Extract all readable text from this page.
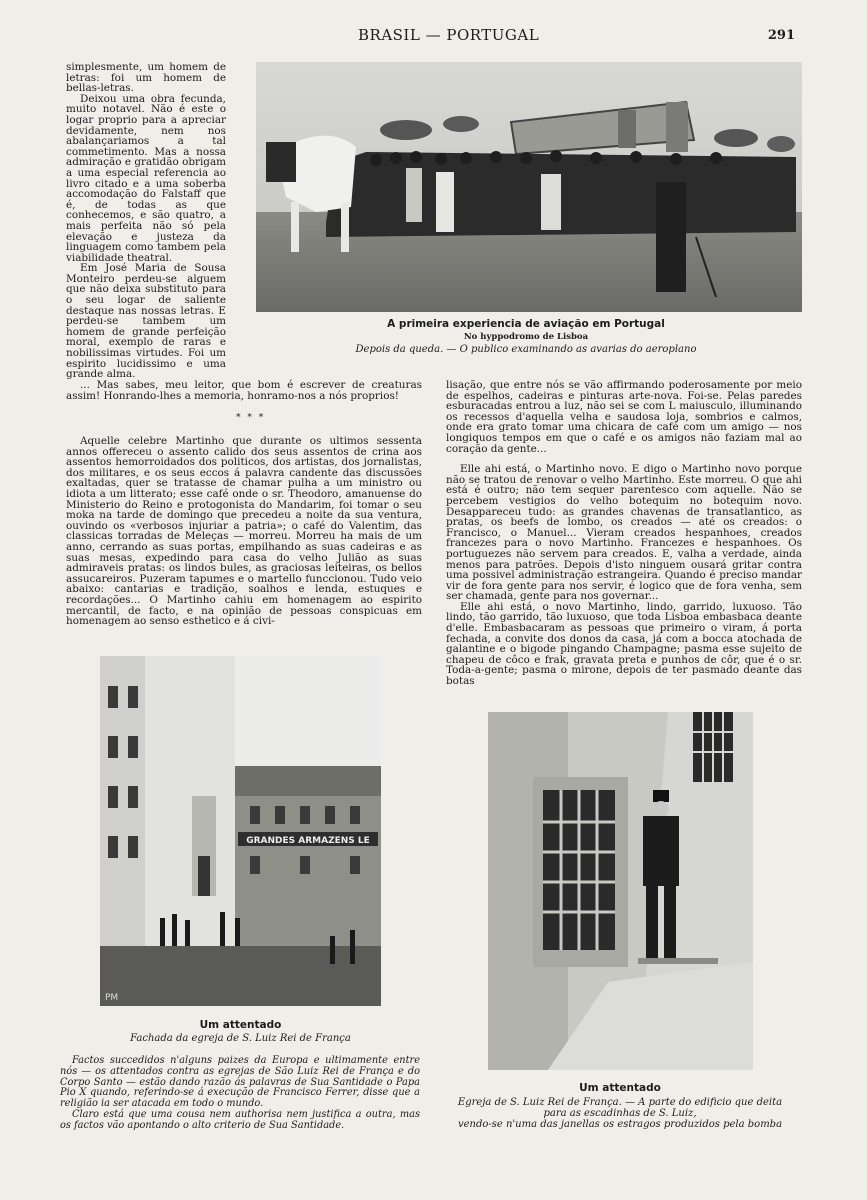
BRASIL — PORTUGAL	291

simplesmente, um homem de letras: foi um homem de bellas-letras.

Deixou uma obra fecunda, muito notavel. Não é este o logar proprio para a apreciar devidamente, nem nos abalançariamos a tal commetimento. Mas a nossa admiração e gratidão obrigam a uma especial referencia ao livro citado e a uma soberba accomodação do Falstaff que é, de todas as que conhecemos, e são quatro, a mais perfeita não só pela elevação e justeza da linguagem como tambem pela viabilidade theatral.

Em José Maria de Sousa Monteiro perdeu-se alguem que não deixa substituto para o seu logar de saliente destaque nas nossas letras. E perdeu-se tambem um homem de grande perfeição moral, exemplo de raras e nobilissimas virtudes. Foi um espirito lucidissimo e uma grande alma.

... Mas sabes, meu leitor, que bom é escrever de creaturas assim! Honrando-lhes a memoria, honramo-nos a nós proprios!
* * *
Aquelle celebre Martinho que durante os ultimos sessenta annos offereceu o assento calido dos seus assentos de crina aos assentos hemorroidados dos politicos, dos artistas, dos jornalistas, dos militares, e os seus eccos á palavra candente das discussões exaltadas, quer se tratasse de chamar pulha a um ministro ou idiota a um litterato; esse café onde o sr. Theodoro, amanuense do Ministerio do Reino e protogonista do Mandarim, foi tomar o seu moka na tarde de domingo que precedeu a noite da sua ventura, ouvindo os «verbosos injuriar a patria»; o café do Valentim, das classicas torradas de Meleças — morreu. Morreu ha mais de um anno, cerrando as suas portas, empilhando as suas cadeiras e as suas mesas, expedindo para casa do velho Julião as suas admiraveis pratas: os lindos bules, as graciosas leiteiras, os bellos assucareiros. Puzeram tapumes e o martello funccionou. Tudo veio abaixo: cantarias e tradição, soalhos e lenda, estuques e recordações... O Martinho cahiu em homenagem ao espirito mercantil, de facto, e na opinião de pessoas conspicuas em homenagem ao senso esthetico e á civi-

lisação, que entre nós se vão affirmando poderosamente por meio de espelhos, cadeiras e pinturas arte-nova. Foi-se. Pelas paredes esburacadas entrou a luz, não sei se com L maiusculo, illuminando os recessos d'aquella velha e saudosa loja, sombrios e calmos, onde era grato tomar uma chicara de café com um amigo — nos longiquos tempos em que o café e os amigos não faziam mal ao coração da gente...

Elle ahi está, o Martinho novo. E digo o Martinho novo porque não se tratou de renovar o velho Martinho. Este morreu. O que ahi está é outro; não tem sequer parentesco com aquelle. Não se percebem vestigios do velho botequim no botequim novo. Desappareceu tudo: as grandes chavenas de transatlantico, as pratas, os beefs de lombo, os creados — até os creados: o Francisco, o Manuel... Vieram creados hespanhoes, creados francezes para o novo Martinho. Francezes e hespanhoes. Os portuguezes não servem para creados. E, valha a verdade, ainda menos para patrões. Depois d'isto ninguem ousará gritar contra uma possivel administração estrangeira. Quando é preciso mandar vir de fora gente para nos servir, é logico que de fora venha, sem ser chamada, gente para nos governar...

Elle ahi está, o novo Martinho, lindo, garrido, luxuoso. Tão lindo, tão garrido, tão luxuoso, que toda Lisboa embasbaca deante d'elle. Embasbacaram as pessoas que primeiro o viram, á porta fechada, a convite dos donos da casa, já com a bocca atochada de galantine e o bigode pingando Champagne; pasma esse sujeito de chapeu de côco e frak, gravata preta e punhos de côr, que é o sr. Toda-a-gente; pasma o mirone, depois de ter pasmado deante das botas

A primeira experiencia de aviação em Portugal
No hyppodromo de Lisboa
Depois da queda. — O publico examinando as avarias do aeroplano
GRANDES ARMAZENS LE
PM
Um attentado
Fachada da egreja de S. Luiz Rei de França

Factos succedidos n'alguns paizes da Europa e ultimamente entre nós — os attentados contra as egrejas de São Luiz Rei de França e do Corpo Santo — estão dando razão ás palavras de Sua Santidade o Papa Pio X quando, referindo-se á execução de Francisco Ferrer, disse que a religião ia ser atacada em todo o mundo.

Claro está que uma cousa nem authorisa nem justifica a outra, mas os factos vão apontando o alto criterio de Sua Santidade.

Um attentado
Egreja de S. Luiz Rei de França. — A parte do edificio que deita
para as escadinhas de S. Luiz,
vendo-se n'uma das janellas os estragos produzidos pela bomba
